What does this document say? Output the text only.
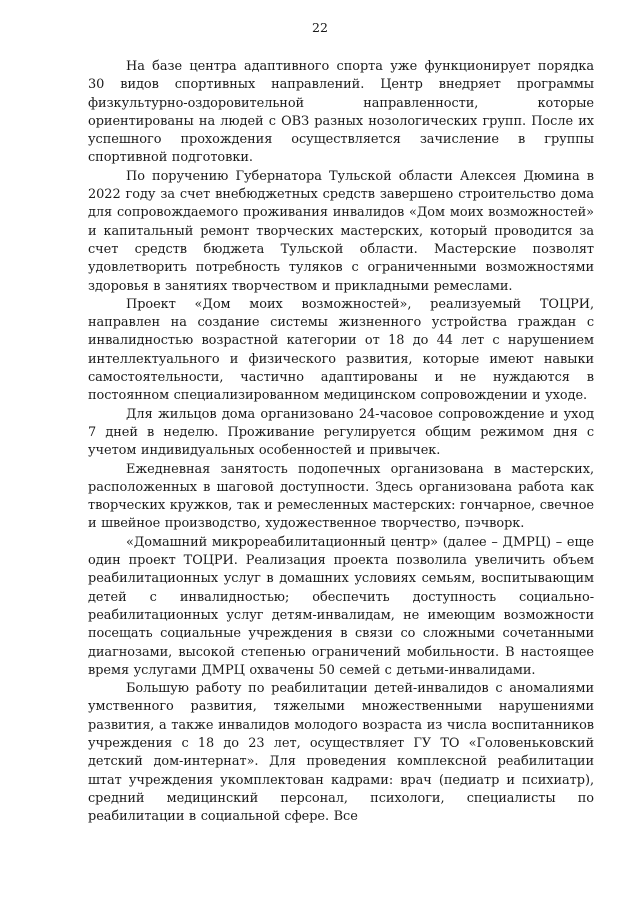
22

На базе центра адаптивного спорта уже функционирует порядка 30 видов спортивных направлений. Центр внедряет программы физкультурно-оздоровительной направленности, которые ориентированы на людей с ОВЗ разных нозологических групп. После их успешного прохождения осуществляется зачисление в группы спортивной подготовки.

По поручению Губернатора Тульской области Алексея Дюмина в 2022 году за счет внебюджетных средств завершено строительство дома для сопровождаемого проживания инвалидов «Дом моих возможностей» и капитальный ремонт творческих мастерских, который проводится за счет средств бюджета Тульской области. Мастерские позволят удовлетворить потребность туляков с ограниченными возможностями здоровья в занятиях творчеством и прикладными ремеслами.

Проект «Дом моих возможностей», реализуемый ТОЦРИ, направлен на создание системы жизненного устройства граждан с инвалидностью возрастной категории от 18 до 44 лет с нарушением интеллектуального и физического развития, которые имеют навыки самостоятельности, частично адаптированы и не нуждаются в постоянном специализированном медицинском сопровождении и уходе.

Для жильцов дома организовано 24-часовое сопровождение и уход 7 дней в неделю. Проживание регулируется общим режимом дня с учетом индивидуальных особенностей и привычек.

Ежедневная занятость подопечных организована в мастерских, расположенных в шаговой доступности. Здесь организована работа как творческих кружков, так и ремесленных мастерских: гончарное, свечное и швейное производство, художественное творчество, пэчворк.

«Домашний микрореабилитационный центр» (далее – ДМРЦ) – еще один проект ТОЦРИ. Реализация проекта позволила увеличить объем реабилитационных услуг в домашних условиях семьям, воспитывающим детей с инвалидностью; обеспечить доступность социально-реабилитационных услуг детям-инвалидам, не имеющим возможности посещать социальные учреждения в связи со сложными сочетанными диагнозами, высокой степенью ограничений мобильности. В настоящее время услугами ДМРЦ охвачены 50 семей с детьми-инвалидами.

Большую работу по реабилитации детей-инвалидов с аномалиями умственного развития, тяжелыми множественными нарушениями развития, а также инвалидов молодого возраста из числа воспитанников учреждения с 18 до 23 лет, осуществляет ГУ ТО «Головеньковский детский дом-интернат». Для проведения комплексной реабилитации штат учреждения укомплектован кадрами: врач (педиатр и психиатр), средний медицинский персонал, психологи, специалисты по реабилитации в социальной сфере. Все
